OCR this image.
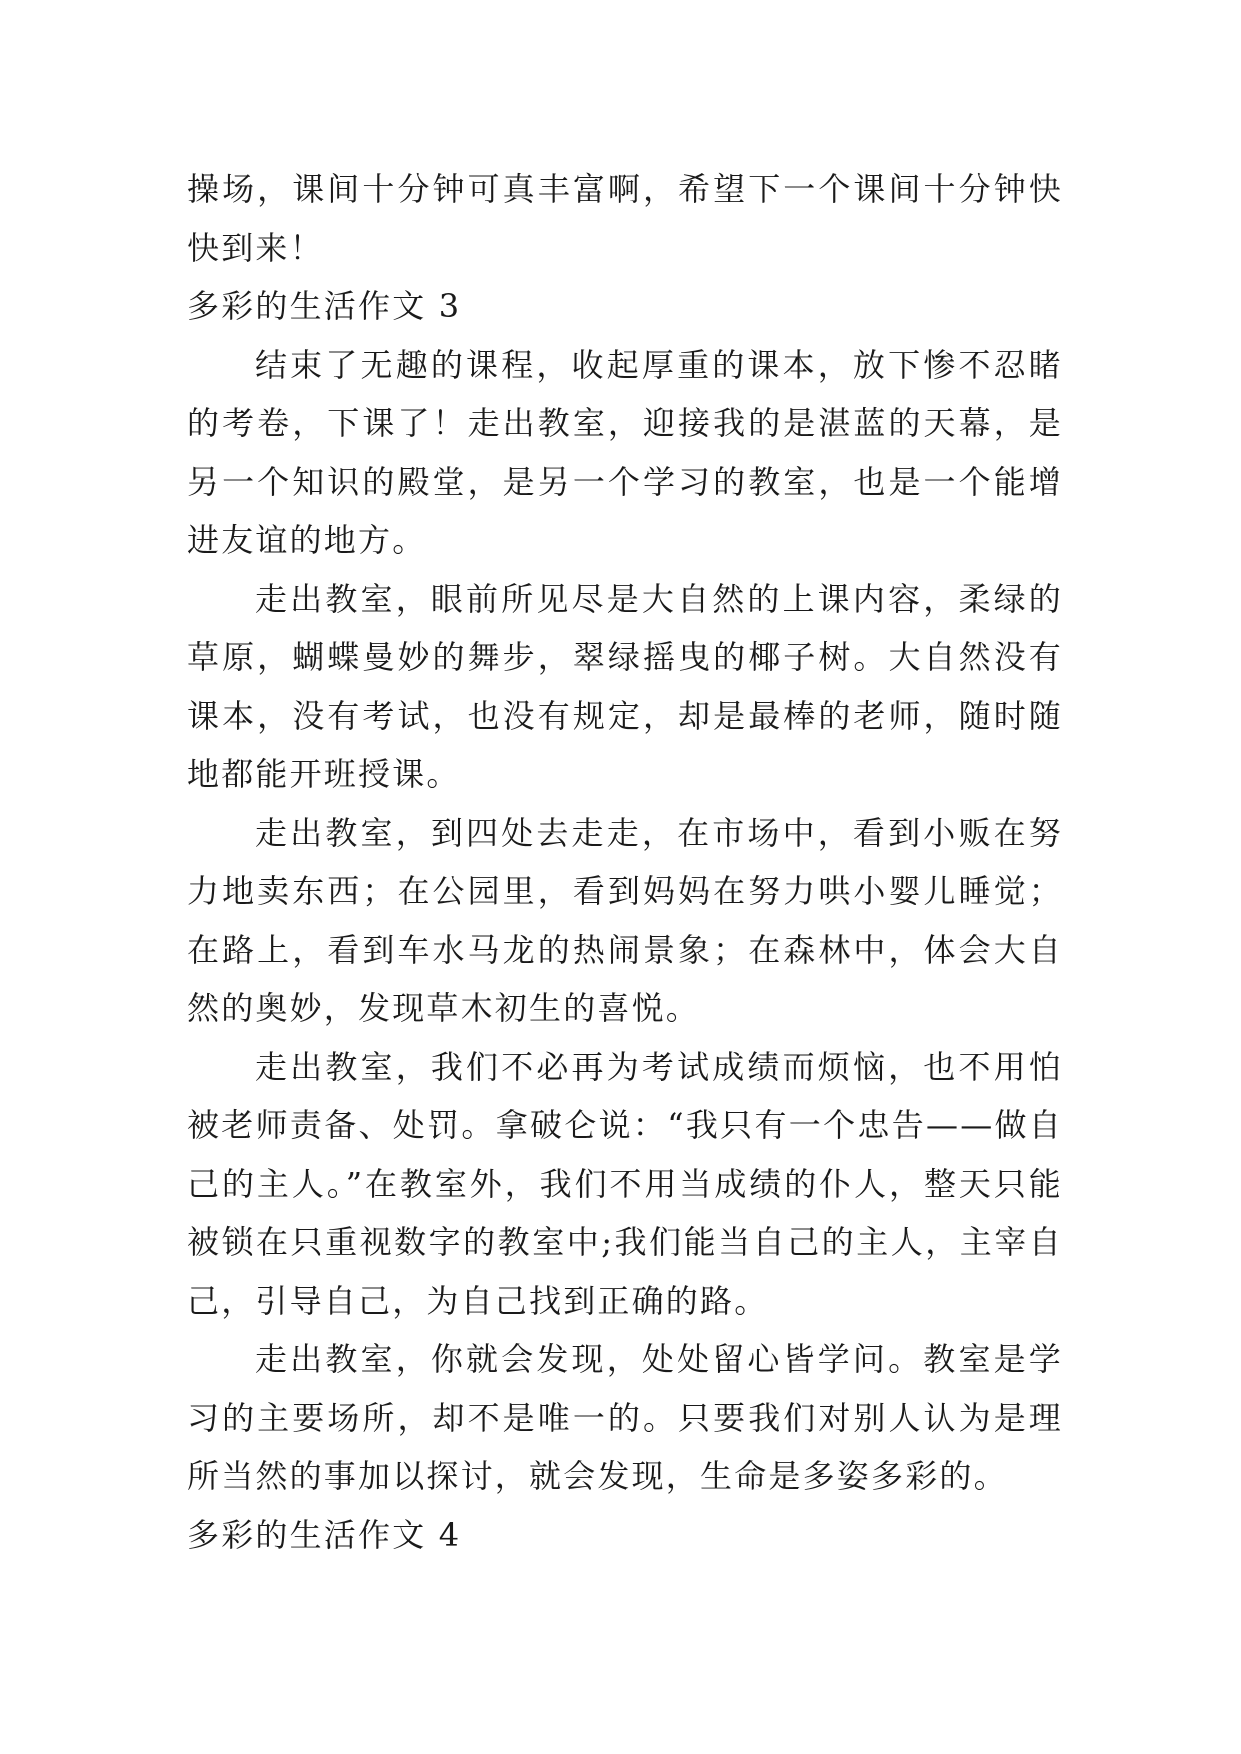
操场，课间十分钟可真丰富啊，希望下一个课间十分钟快快到来！

多彩的生活作文 3

结束了无趣的课程，收起厚重的课本，放下惨不忍睹的考卷，下课了！走出教室，迎接我的是湛蓝的天幕，是另一个知识的殿堂，是另一个学习的教室，也是一个能增进友谊的地方。

走出教室，眼前所见尽是大自然的上课内容，柔绿的草原，蝴蝶曼妙的舞步，翠绿摇曳的椰子树。大自然没有课本，没有考试，也没有规定，却是最棒的老师，随时随地都能开班授课。

走出教室，到四处去走走，在市场中，看到小贩在努力地卖东西；在公园里，看到妈妈在努力哄小婴儿睡觉；在路上，看到车水马龙的热闹景象；在森林中，体会大自然的奥妙，发现草木初生的喜悦。

走出教室，我们不必再为考试成绩而烦恼，也不用怕被老师责备、处罚。拿破仑说：“我只有一个忠告——做自己的主人。”在教室外，我们不用当成绩的仆人，整天只能被锁在只重视数字的教室中;我们能当自己的主人，主宰自己，引导自己，为自己找到正确的路。

走出教室，你就会发现，处处留心皆学问。教室是学习的主要场所，却不是唯一的。只要我们对别人认为是理所当然的事加以探讨，就会发现，生命是多姿多彩的。

多彩的生活作文 4
